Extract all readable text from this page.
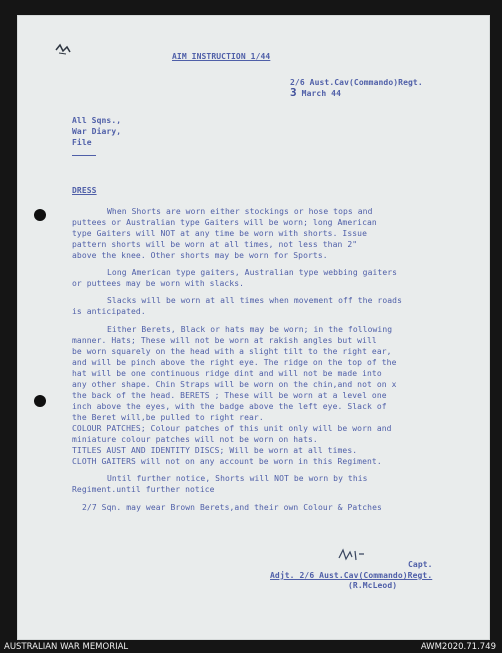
AIM INSTRUCTION 1/44
2/6 Aust.Cav(Commando)Regt.
3 March 44
All Sqns.,
War Diary,
File
DRESS
When Shorts are worn either stockings or hose tops and
puttees or Australian type Gaiters will be worn; long American
type Gaiters will NOT at any time be worn with shorts. Issue
pattern shorts will be worn at all times, not less than 2"
above the knee. Other shorts may be worn for Sports.
Long American type gaiters, Australian type webbing gaiters
or puttees may be worn with slacks.
Slacks will be worn at all times when movement off the roads
is anticipated.
Either Berets, Black or hats may be worn; in the following
manner. Hats; These will not be worn at rakish angles but will
be worn squarely on the head with a slight tilt to the right ear,
and will be pinch above the right eye. The ridge on the top of the
hat will be one continuous ridge dint and will not be made into
any other shape. Chin Straps will be worn on the chin,and not on x
the back of the head. BERETS ; These will be worn at a level one
inch above the eyes, with the badge above the left eye. Slack of
the Beret will,be pulled to right rear.
COLOUR PATCHES; Colour patches of this unit only will be worn and
miniature colour patches will not be worn on hats.
TITLES AUST AND IDENTITY DISCS; Will be worn at all times.
CLOTH GAITERS will not on any account be worn in this Regiment.
Until further notice, Shorts will NOT be worn by this
Regiment.until further notice
2/7 Sqn. may wear Brown Berets,and their own Colour & Patches
Capt.
Adjt. 2/6 Aust.Cav(Commando)Regt.
(R.McLeod)
AUSTRALIAN WAR MEMORIAL	AWM2020.71.749
